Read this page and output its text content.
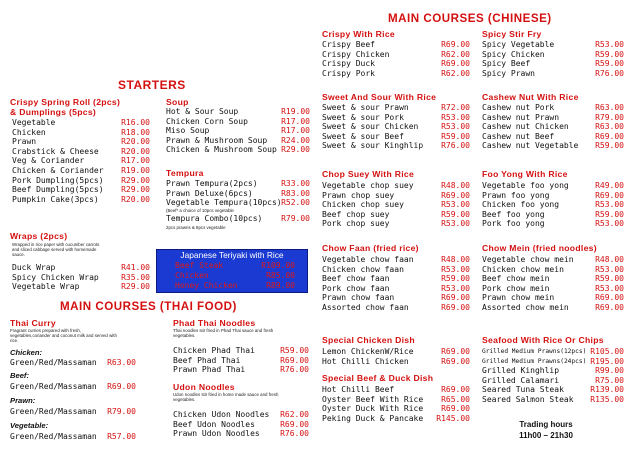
STARTERS
Crispy Spring Roll (2pcs)
& Dumplings (5pcs)
Vegetable	R16.00
Chicken	R18.00
Prawn	R20.00
Crabstick & Cheese	R20.00
Veg & Coriander	R17.00
Chicken & Coriander R19.00
Pork Dumpling(5pcs) R29.00
Beef Dumpling(5pcs) R29.00
Pumpkin Cake(3pcs)	R20.00
Wraps (2pcs)
Wrapped in rice paper with cucumber carrots and sliced cabbage served with homemade sauce.
Duck Wrap	R41.00
Spicy Chicken Wrap	R35.00
Vegetable Wrap	R29.00
Soup
Hot & Sour Soup	R19.00
Chicken Corn Soup	R17.00
Miso Soup	R17.00
Prawn & Mushroom Soup R24.00
Chicken & Mushroom Soup R29.00
Tempura
Prawn Tempura(2pcs)	R33.00
Prawn Deluxe(6pcs)	R83.00
Vegetable Tempura(10pcs) R52.00
(Beef* a choice of 10pcs vegetable
Tempura Combo(10pcs) R79.00
2pcs prawns & 8pcs vegetable
Japanese Teriyaki with Rice
Beef Steak	R109.00
Chicken	R85.00
Honey Chicken	R89.00
MAIN COURSES (THAI FOOD)
Thai Curry
Fragrant curries prepared with fresh, vegetables,coriander and coconut milk and served with rice.
Chicken:
Green/Red/Massaman R63.00
Beef:
Green/Red/Massaman R69.00
Prawn:
Green/Red/Massaman R79.00
Vegetable:
Green/Red/Massaman R57.00
Phad Thai Noodles
Thai noodles stir fried in Phad Thai sauce and fresh vegetables.
Chicken Phad Thai	R59.00
Beef Phad Thai	R69.00
Prawn Phad Thai	R76.00
Udon Noodles
Udon noodles stir fried in home made sauce and fresh vegetables.
Chicken Udon Noodles R62.00
Beef Udon Noodles	R69.00
Prawn Udon Noodles	R76.00
MAIN COURSES (CHINESE)
Crispy With Rice
Crispy Beef	R69.00
Crispy Chicken	R62.00
Crispy Duck	R69.00
Crispy Pork	R62.00
Spicy Stir Fry
Spicy Vegetable	R53.00
Spicy Chicken	R59.00
Spicy Beef	R59.00
Spicy Prawn	R76.00
Sweet And Sour With Rice
Sweet & sour Prawn	R72.00
Sweet & sour Pork	R53.00
Sweet & sour Chicken	R53.00
Sweet & sour Beef	R59.00
Sweet & sour Kinghlip R76.00
Cashew Nut With Rice
Cashew nut Pork	R63.00
Cashew nut Prawn	R79.00
Cashew nut Chicken	R63.00
Cashew nut Beef	R69.00
Cashew nut Vegetable R59.00
Chop Suey With Rice
Vegetable chop suey	R48.00
Prawn chop suey	R69.00
Chicken chop suey	R53.00
Beef chop suey	R59.00
Pork chop suey	R53.00
Foo Yong With Rice
Vegetable foo yong	R49.00
Prawn foo yong	R69.00
Chicken foo yong	R53.00
Beef foo yong	R59.00
Pork foo yong	R53.00
Chow Faan (fried rice)
Vegetable chow faan	R48.00
Chicken chow faan	R53.00
Beef chow faan	R59.00
Pork chow faan	R53.00
Prawn chow faan	R69.00
Assorted chow faan	R69.00
Chow Mein (fried noodles)
Vegetable chow mein	R48.00
Chicken chow mein	R53.00
Beef chow mein	R59.00
Pork chow mein	R53.00
Prawn chow mein	R69.00
Assorted chow mein	R69.00
Special Chicken Dish
Lemon ChickenW/Rice	R69.00
Hot Chilli Chicken	R69.00
Special Beef & Duck Dish
Hot Chilli Beef	R69.00
Oyster Beef With Rice R65.00
Oyster Duck With Rice R69.00
Peking Duck & Pancake R145.00
Seafood With Rice Or Chips
Grilled Medium Prawns(12pcs) R105.00
Grilled Medium Prawns(24pcs) R195.00
Grilled Kinghlip	R99.00
Grilled Calamari	R75.00
Seared Tuna Steak	R139.00
Seared Salmon Steak R135.00
Trading hours
11h00 – 21h30
